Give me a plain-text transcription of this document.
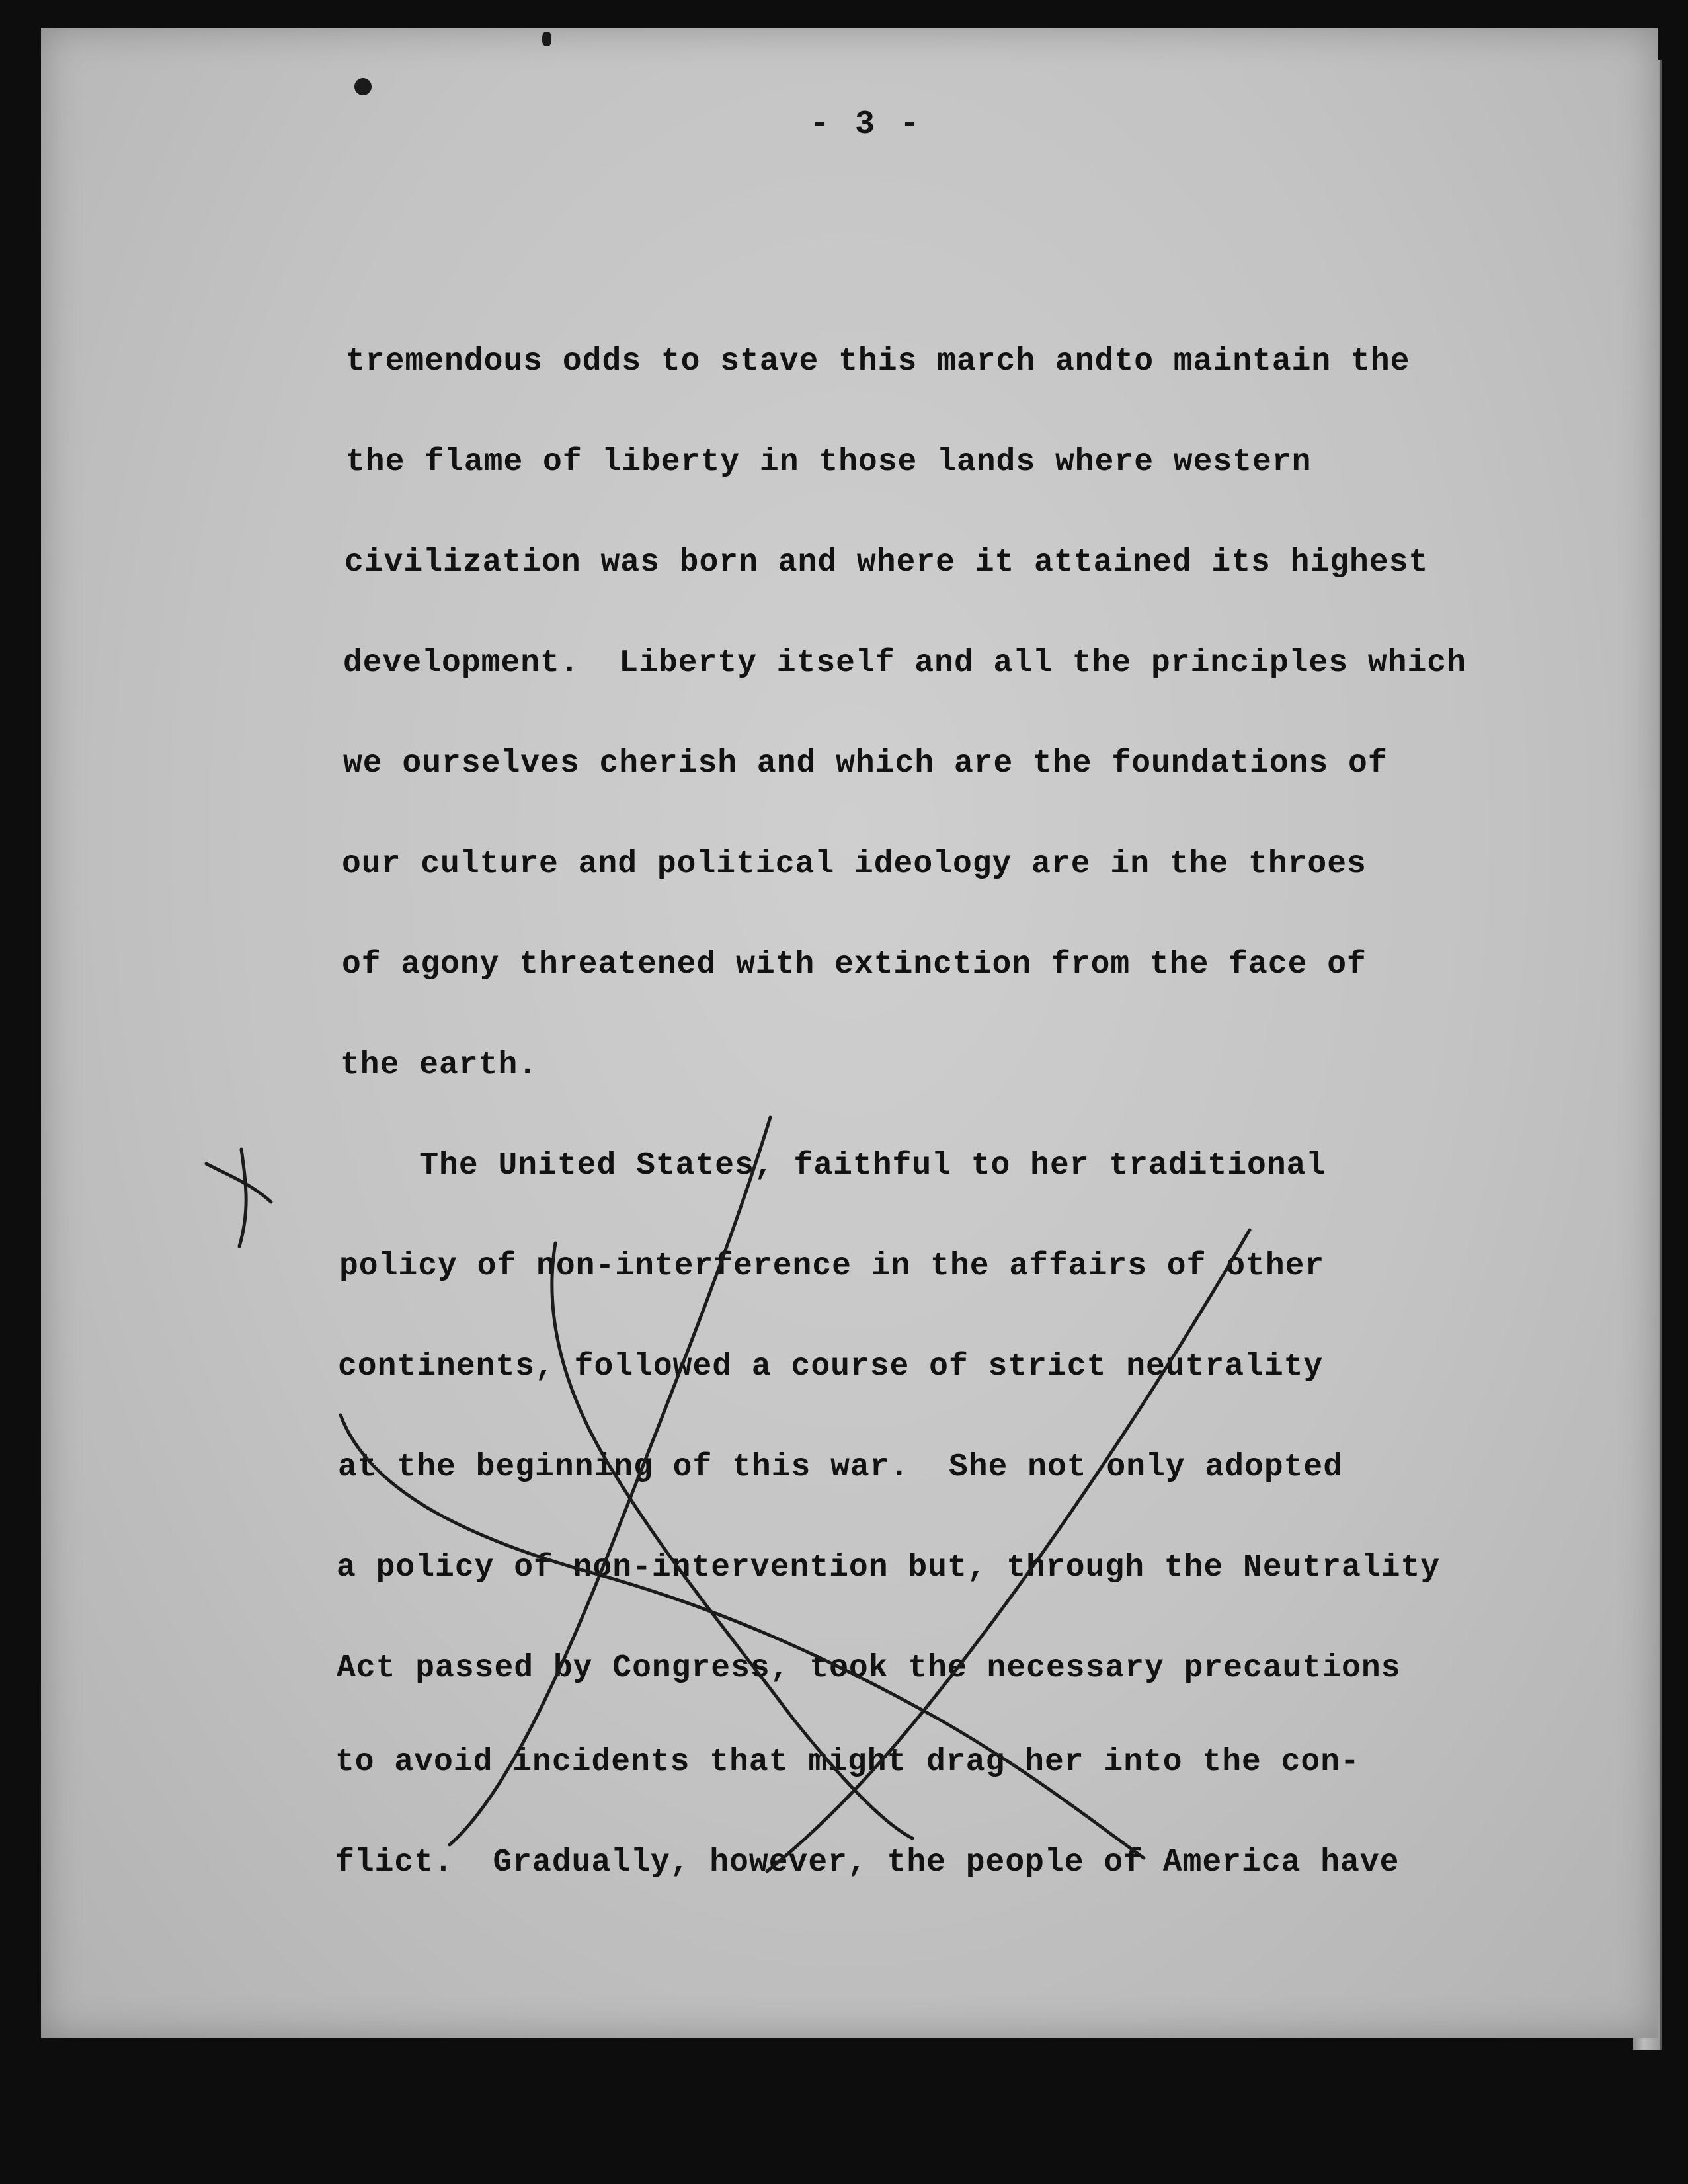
- 3 -
tremendous odds to stave this march andto maintain the
the flame of liberty in those lands where western
civilization was born and where it attained its highest
development.  Liberty itself and all the principles which
we ourselves cherish and which are the foundations of
our culture and political ideology are in the throes
of agony threatened with extinction from the face of
the earth.
The United States, faithful to her traditional
policy of non-interference in the affairs of other
continents, followed a course of strict neutrality
at the beginning of this war.  She not only adopted
a policy of non-intervention but, through the Neutrality
Act passed by Congress, took the necessary precautions
to avoid incidents that might drag her into the con-
flict.  Gradually, however, the people of America have
